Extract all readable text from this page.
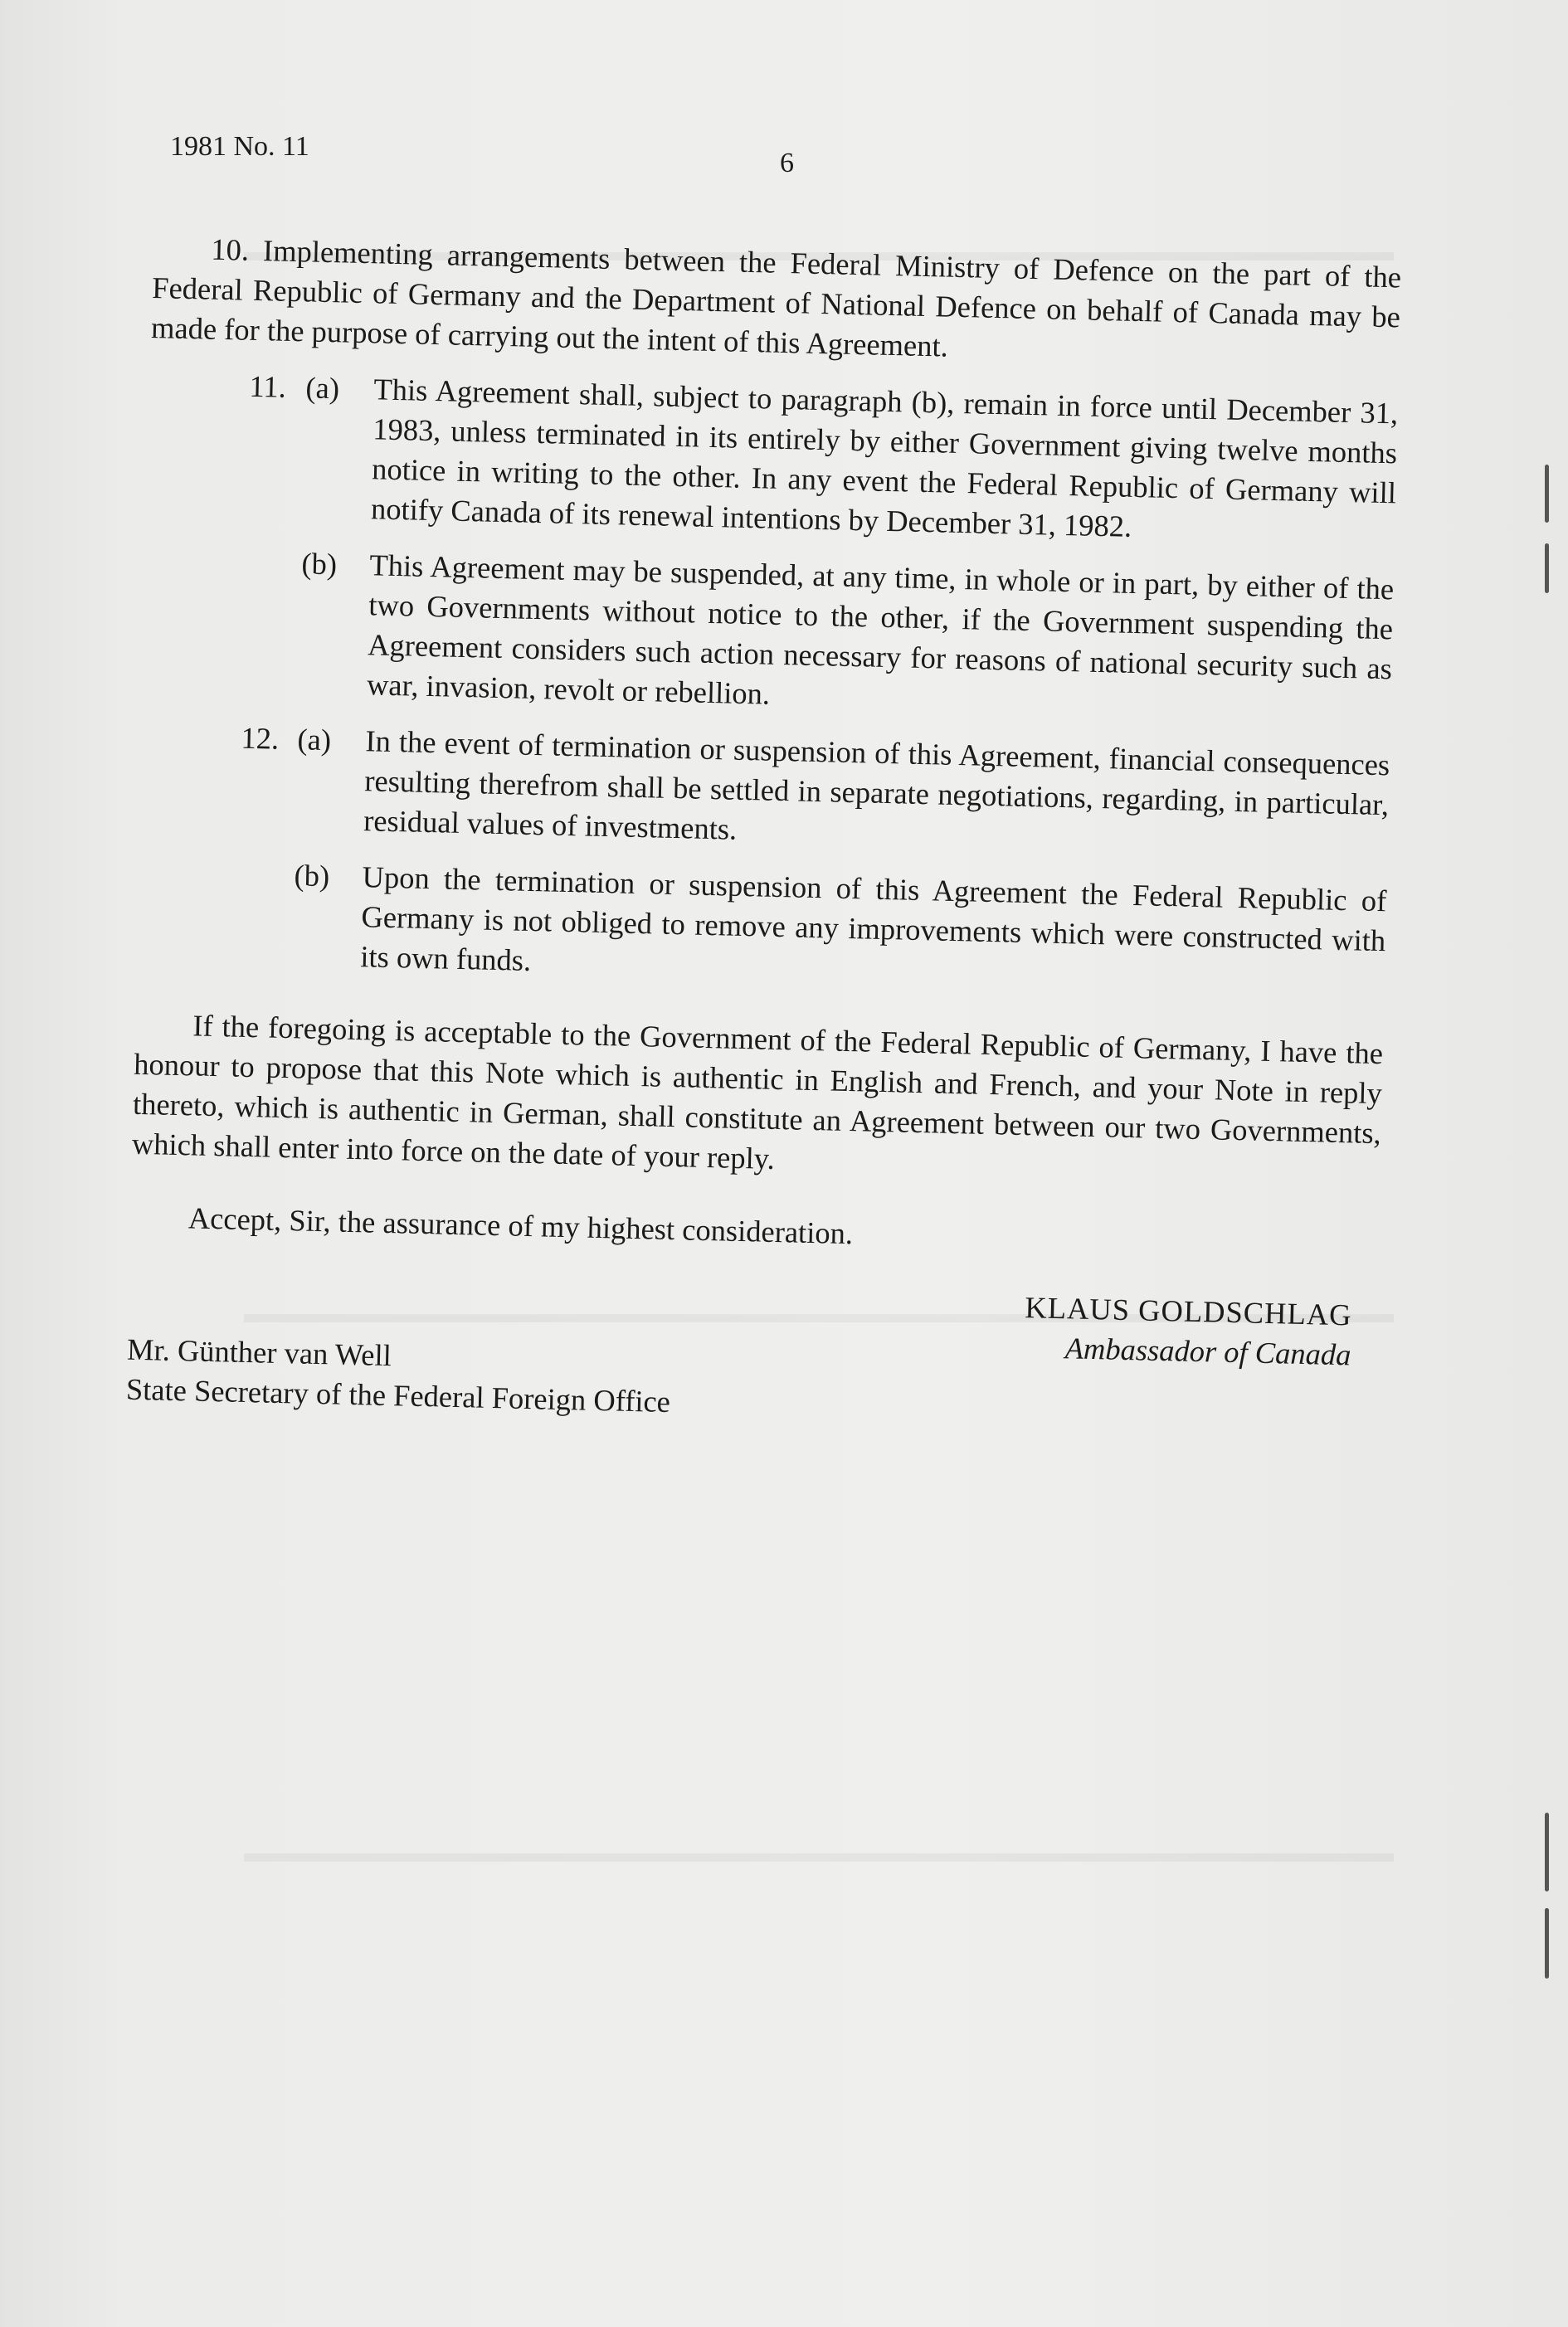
1981 No. 11
6

10. Implementing arrangements between the Federal Ministry of Defence on the part of the Federal Republic of Germany and the Department of National Defence on behalf of Canada may be made for the purpose of carrying out the intent of this Agreement.

11. (a) This Agreement shall, subject to paragraph (b), remain in force until December 31, 1983, unless terminated in its entirely by either Government giving twelve months notice in writing to the other. In any event the Federal Republic of Germany will notify Canada of its renewal intentions by December 31, 1982.
(b) This Agreement may be suspended, at any time, in whole or in part, by either of the two Governments without notice to the other, if the Government suspending the Agreement considers such action necessary for reasons of national security such as war, invasion, revolt or rebellion.
12. (a) In the event of termination or suspension of this Agreement, financial consequences resulting therefrom shall be settled in separate negotiations, regarding, in particular, residual values of investments.
(b) Upon the termination or suspension of this Agreement the Federal Republic of Germany is not obliged to remove any improvements which were constructed with its own funds.

If the foregoing is acceptable to the Government of the Federal Republic of Germany, I have the honour to propose that this Note which is authentic in English and French, and your Note in reply thereto, which is authentic in German, shall constitute an Agreement between our two Governments, which shall enter into force on the date of your reply.

Accept, Sir, the assurance of my highest consideration.

KLAUS GOLDSCHLAG
Ambassador of Canada
Mr. Günther van Well
State Secretary of the Federal Foreign Office
